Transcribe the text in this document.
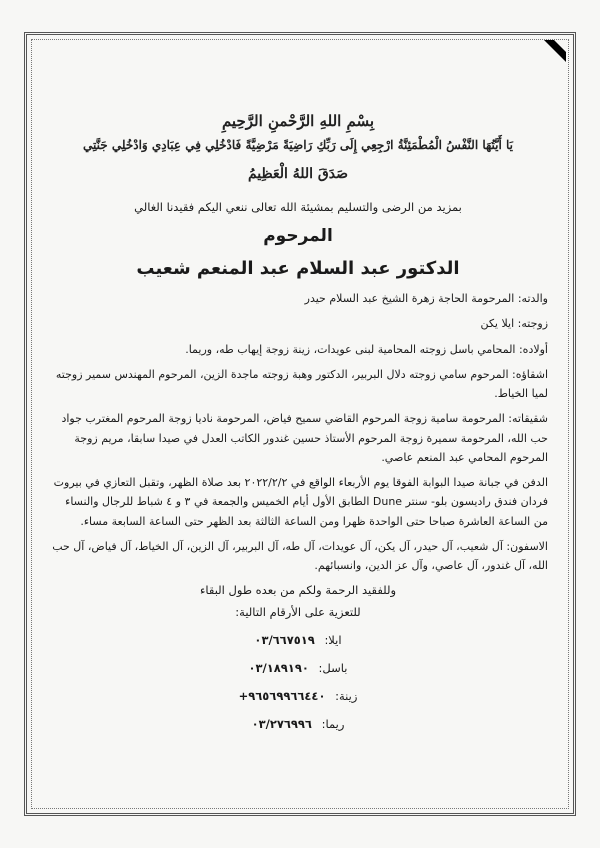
بِسْمِ اللهِ الرَّحْمنِ الرَّحِيمِ
يَا أَيَّتُهَا النَّفْسُ الْمُطْمَئِنَّةُ ارْجِعِي إِلَى رَبِّكِ رَاضِيَةً مَرْضِيَّةً فَادْخُلِي فِي عِبَادِي وَادْخُلِي جَنَّتِي
صَدَقَ اللهُ الْعَظِيمُ
بمزيد من الرضى والتسليم بمشيئة الله تعالى ننعي اليكم فقيدنا الغالي
المرحوم
الدكتور عبد السلام عبد المنعم شعيب
والدته: المرحومة الحاجة زهرة الشيخ عبد السلام حيدر
زوجته: ايلا يكن
أولاده: المحامي باسل زوجته المحامية لبنى عويدات، زينة زوجة إيهاب طه، وريما.
اشقاؤه: المرحوم سامي زوجته دلال البربير، الدكتور وهبة زوجته ماجدة الزين، المرحوم المهندس سمير زوجته لميا الخياط.
شقيقاته: المرحومة سامية زوجة المرحوم القاضي سميح فياض، المرحومة ناديا زوجة المرحوم المغترب جواد حب الله، المرحومة سميرة زوجة المرحوم الأستاذ حسين غندور الكاتب العدل في صيدا سابقا، مريم زوجة المرحوم المحامي عبد المنعم عاصي.
الدفن في جبانة صيدا البوابة الفوقا يوم الأربعاء الواقع في ٢٠٢٢/٢/٢ بعد صلاة الظهر، وتقبل التعازي في بيروت فردان فندق راديسون بلو- سنتر Dune الطابق الأول أيام الخميس والجمعة في ٣ و ٤ شباط للرجال والنساء من الساعة العاشرة صباحا حتى الواحدة ظهرا ومن الساعة الثالثة بعد الظهر حتى الساعة السابعة مساء.
الاسفون: آل شعيب، آل حيدر، آل يكن، آل عويدات، آل طه، آل البربير، آل الزين، آل الخياط، آل فياض، آل حب الله، آل غندور، آل عاصي، وآل عز الدين، وانسبائهم.
وللفقيد الرحمة ولكم من بعده طول البقاء
للتعزية على الأرقام التالية:
ايلا: ٠٣/٦٦٧٥١٩
باسل: ٠٣/١٨٩١٩٠
زينة: +٩٦٥٦٩٩٦٦٤٤٠
ريما: ٠٣/٢٧٦٩٩٦
